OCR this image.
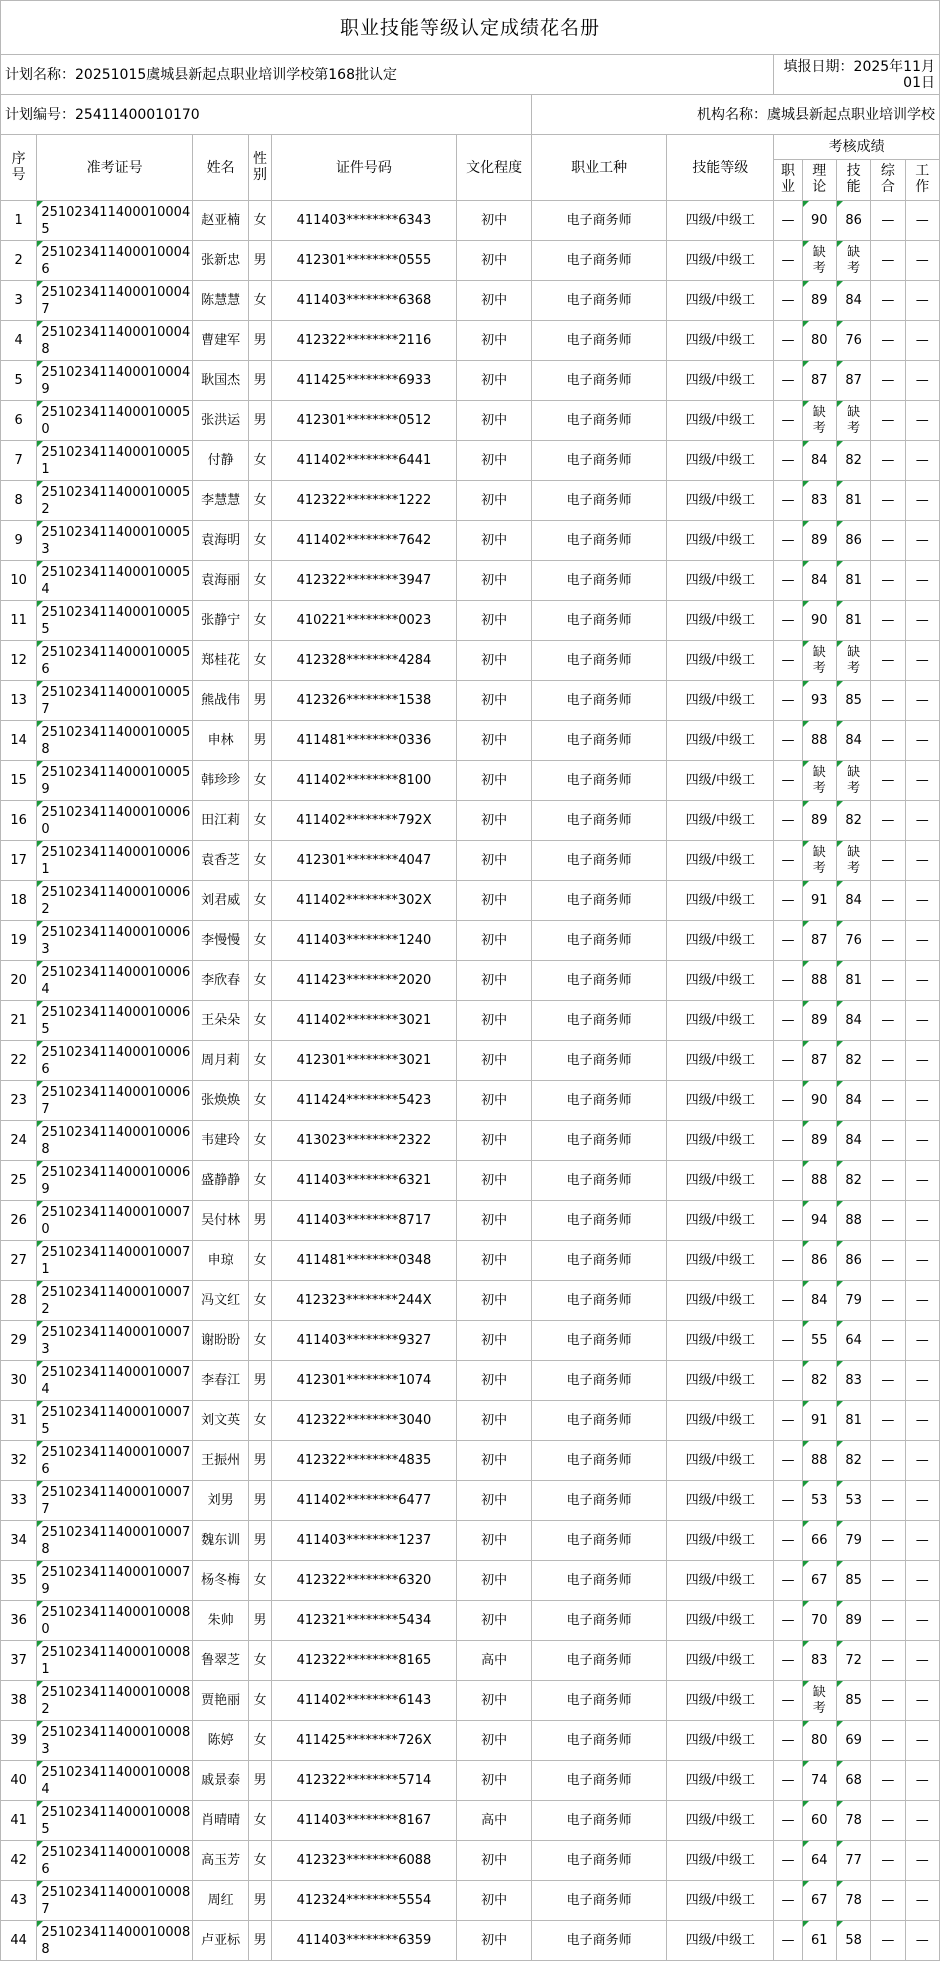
职业技能等级认定成绩花名册												
计划名称：20251015虞城县新起点职业培训学校第168批认定								填报日期：2025年11月01日				
计划编号：25411400010170						机构名称：虞城县新起点职业培训学校						
序号	准考证号	姓名	性别	证件号码	文化程度	职业工种	技能等级	考核成绩				
								职业	理论	技能	综合	工作
1	2510234114000100045	赵亚楠	女	411403********6343	初中	电子商务师	四级/中级工	—	90	86	—	—
2	2510234114000100046	张新忠	男	412301********0555	初中	电子商务师	四级/中级工	—	缺考	缺考	—	—
3	2510234114000100047	陈慧慧	女	411403********6368	初中	电子商务师	四级/中级工	—	89	84	—	—
4	2510234114000100048	曹建军	男	412322********2116	初中	电子商务师	四级/中级工	—	80	76	—	—
5	2510234114000100049	耿国杰	男	411425********6933	初中	电子商务师	四级/中级工	—	87	87	—	—
6	2510234114000100050	张洪运	男	412301********0512	初中	电子商务师	四级/中级工	—	缺考	缺考	—	—
7	2510234114000100051	付静	女	411402********6441	初中	电子商务师	四级/中级工	—	84	82	—	—
8	2510234114000100052	李慧慧	女	412322********1222	初中	电子商务师	四级/中级工	—	83	81	—	—
9	2510234114000100053	袁海明	女	411402********7642	初中	电子商务师	四级/中级工	—	89	86	—	—
10	2510234114000100054	袁海丽	女	412322********3947	初中	电子商务师	四级/中级工	—	84	81	—	—
11	2510234114000100055	张静宁	女	410221********0023	初中	电子商务师	四级/中级工	—	90	81	—	—
12	2510234114000100056	郑桂花	女	412328********4284	初中	电子商务师	四级/中级工	—	缺考	缺考	—	—
13	2510234114000100057	熊战伟	男	412326********1538	初中	电子商务师	四级/中级工	—	93	85	—	—
14	2510234114000100058	申林	男	411481********0336	初中	电子商务师	四级/中级工	—	88	84	—	—
15	2510234114000100059	韩珍珍	女	411402********8100	初中	电子商务师	四级/中级工	—	缺考	缺考	—	—
16	2510234114000100060	田江莉	女	411402********792X	初中	电子商务师	四级/中级工	—	89	82	—	—
17	2510234114000100061	袁香芝	女	412301********4047	初中	电子商务师	四级/中级工	—	缺考	缺考	—	—
18	2510234114000100062	刘君威	女	411402********302X	初中	电子商务师	四级/中级工	—	91	84	—	—
19	2510234114000100063	李慢慢	女	411403********1240	初中	电子商务师	四级/中级工	—	87	76	—	—
20	2510234114000100064	李欣春	女	411423********2020	初中	电子商务师	四级/中级工	—	88	81	—	—
21	2510234114000100065	王朵朵	女	411402********3021	初中	电子商务师	四级/中级工	—	89	84	—	—
22	2510234114000100066	周月莉	女	412301********3021	初中	电子商务师	四级/中级工	—	87	82	—	—
23	2510234114000100067	张焕焕	女	411424********5423	初中	电子商务师	四级/中级工	—	90	84	—	—
24	2510234114000100068	韦建玲	女	413023********2322	初中	电子商务师	四级/中级工	—	89	84	—	—
25	2510234114000100069	盛静静	女	411403********6321	初中	电子商务师	四级/中级工	—	88	82	—	—
26	2510234114000100070	吴付林	男	411403********8717	初中	电子商务师	四级/中级工	—	94	88	—	—
27	2510234114000100071	申琼	女	411481********0348	初中	电子商务师	四级/中级工	—	86	86	—	—
28	2510234114000100072	冯文红	女	412323********244X	初中	电子商务师	四级/中级工	—	84	79	—	—
29	2510234114000100073	谢盼盼	女	411403********9327	初中	电子商务师	四级/中级工	—	55	64	—	—
30	2510234114000100074	李春江	男	412301********1074	初中	电子商务师	四级/中级工	—	82	83	—	—
31	2510234114000100075	刘文英	女	412322********3040	初中	电子商务师	四级/中级工	—	91	81	—	—
32	2510234114000100076	王振州	男	412322********4835	初中	电子商务师	四级/中级工	—	88	82	—	—
33	2510234114000100077	刘男	男	411402********6477	初中	电子商务师	四级/中级工	—	53	53	—	—
34	2510234114000100078	魏东训	男	411403********1237	初中	电子商务师	四级/中级工	—	66	79	—	—
35	2510234114000100079	杨冬梅	女	412322********6320	初中	电子商务师	四级/中级工	—	67	85	—	—
36	2510234114000100080	朱帅	男	412321********5434	初中	电子商务师	四级/中级工	—	70	89	—	—
37	2510234114000100081	鲁翠芝	女	412322********8165	高中	电子商务师	四级/中级工	—	83	72	—	—
38	2510234114000100082	贾艳丽	女	411402********6143	初中	电子商务师	四级/中级工	—	缺考	85	—	—
39	2510234114000100083	陈婷	女	411425********726X	初中	电子商务师	四级/中级工	—	80	69	—	—
40	2510234114000100084	戚景泰	男	412322********5714	初中	电子商务师	四级/中级工	—	74	68	—	—
41	2510234114000100085	肖晴晴	女	411403********8167	高中	电子商务师	四级/中级工	—	60	78	—	—
42	2510234114000100086	高玉芳	女	412323********6088	初中	电子商务师	四级/中级工	—	64	77	—	—
43	2510234114000100087	周红	男	412324********5554	初中	电子商务师	四级/中级工	—	67	78	—	—
44	2510234114000100088	卢亚标	男	411403********6359	初中	电子商务师	四级/中级工	—	61	58	—	—
